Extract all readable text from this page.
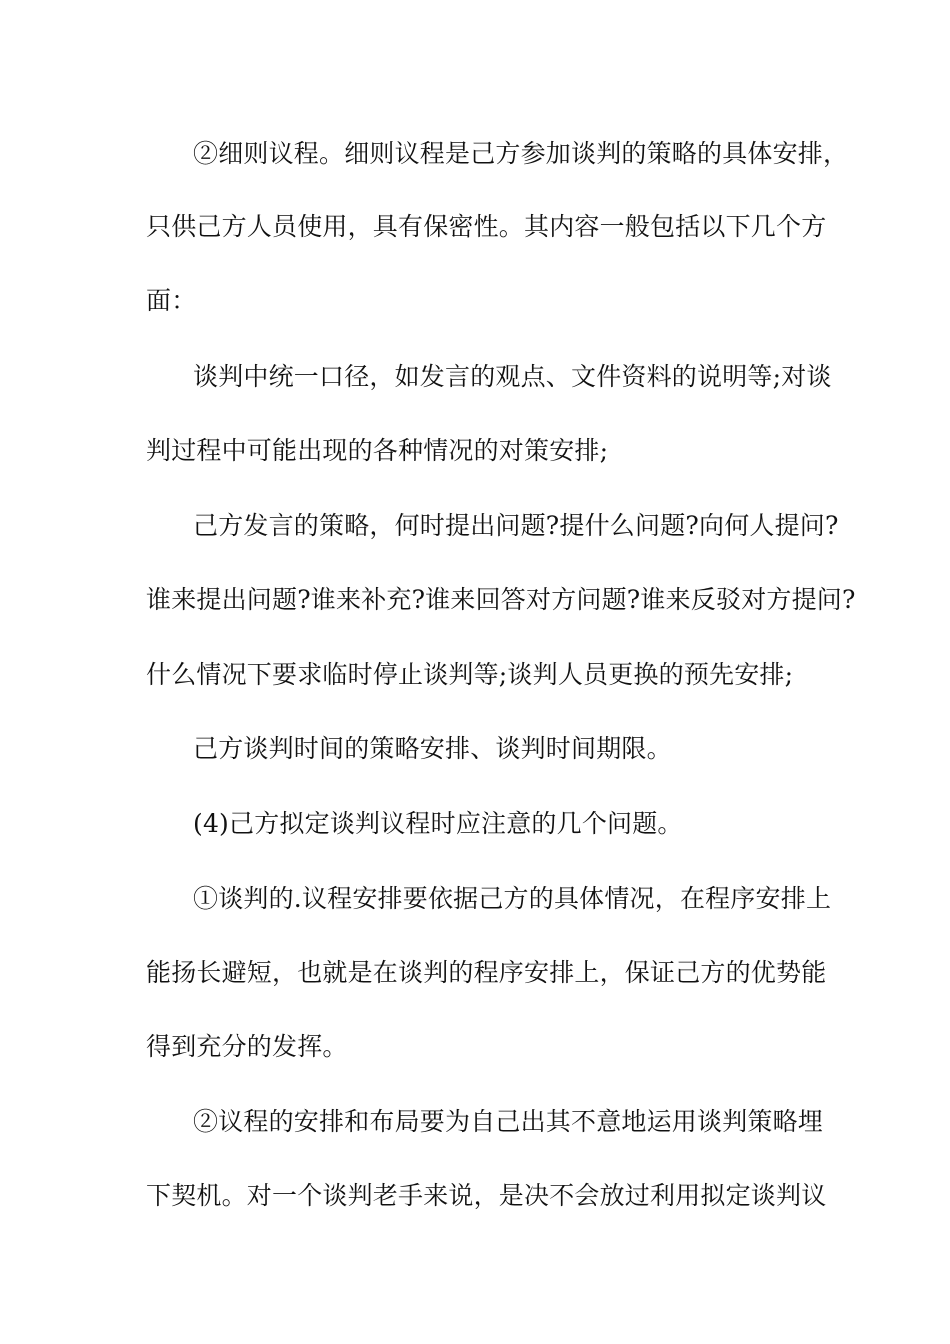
②细则议程。细则议程是己方参加谈判的策略的具体安排，

只供己方人员使用，具有保密性。其内容一般包括以下几个方

面：

谈判中统一口径，如发言的观点、文件资料的说明等;对谈

判过程中可能出现的各种情况的对策安排;

己方发言的策略，何时提出问题?提什么问题?向何人提问?

谁来提出问题?谁来补充?谁来回答对方问题?谁来反驳对方提问?

什么情况下要求临时停止谈判等;谈判人员更换的预先安排;

己方谈判时间的策略安排、谈判时间期限。

(4)己方拟定谈判议程时应注意的几个问题。

①谈判的.议程安排要依据己方的具体情况，在程序安排上

能扬长避短，也就是在谈判的程序安排上，保证己方的优势能

得到充分的发挥。

②议程的安排和布局要为自己出其不意地运用谈判策略埋

下契机。对一个谈判老手来说，是决不会放过利用拟定谈判议
